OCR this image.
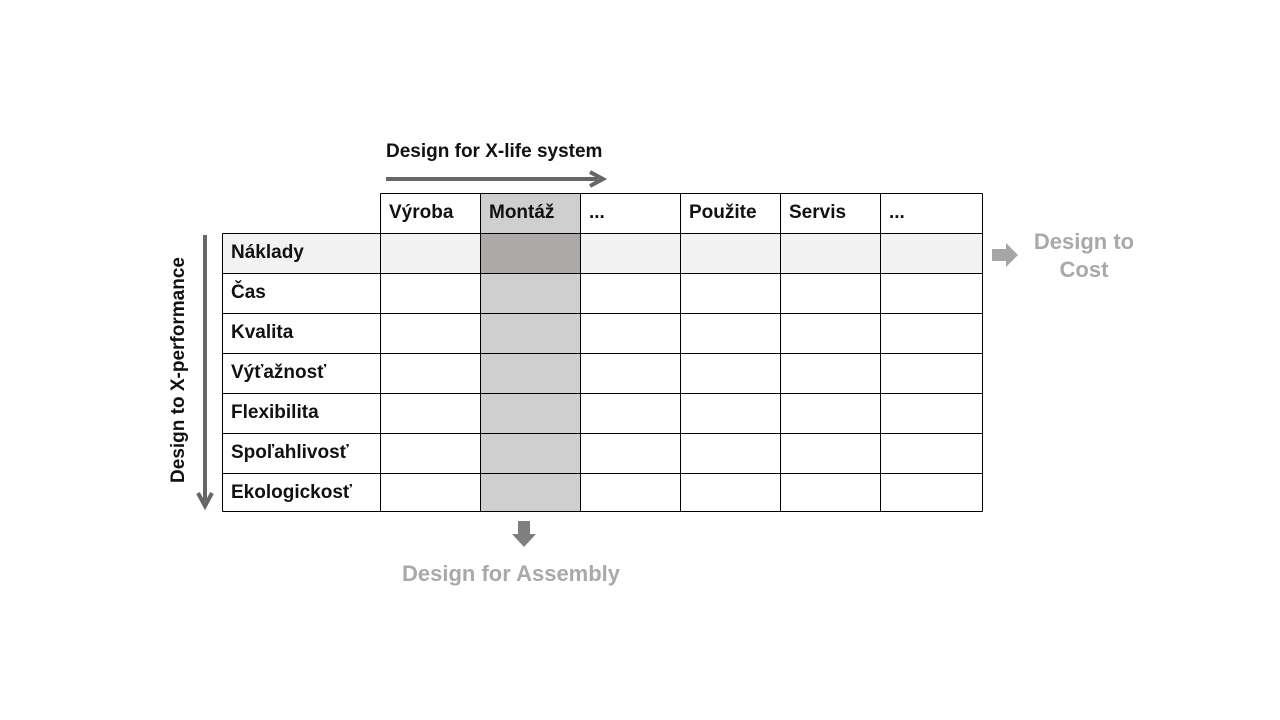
Design for X-life system
Design to X-performance
Výroba	Montáž	...	Použite	Servis	...
Náklady
Čas
Kvalita
Výťažnosť
Flexibilita
Spoľahlivosť
Ekologickosť
Design to
Cost
Design for Assembly
